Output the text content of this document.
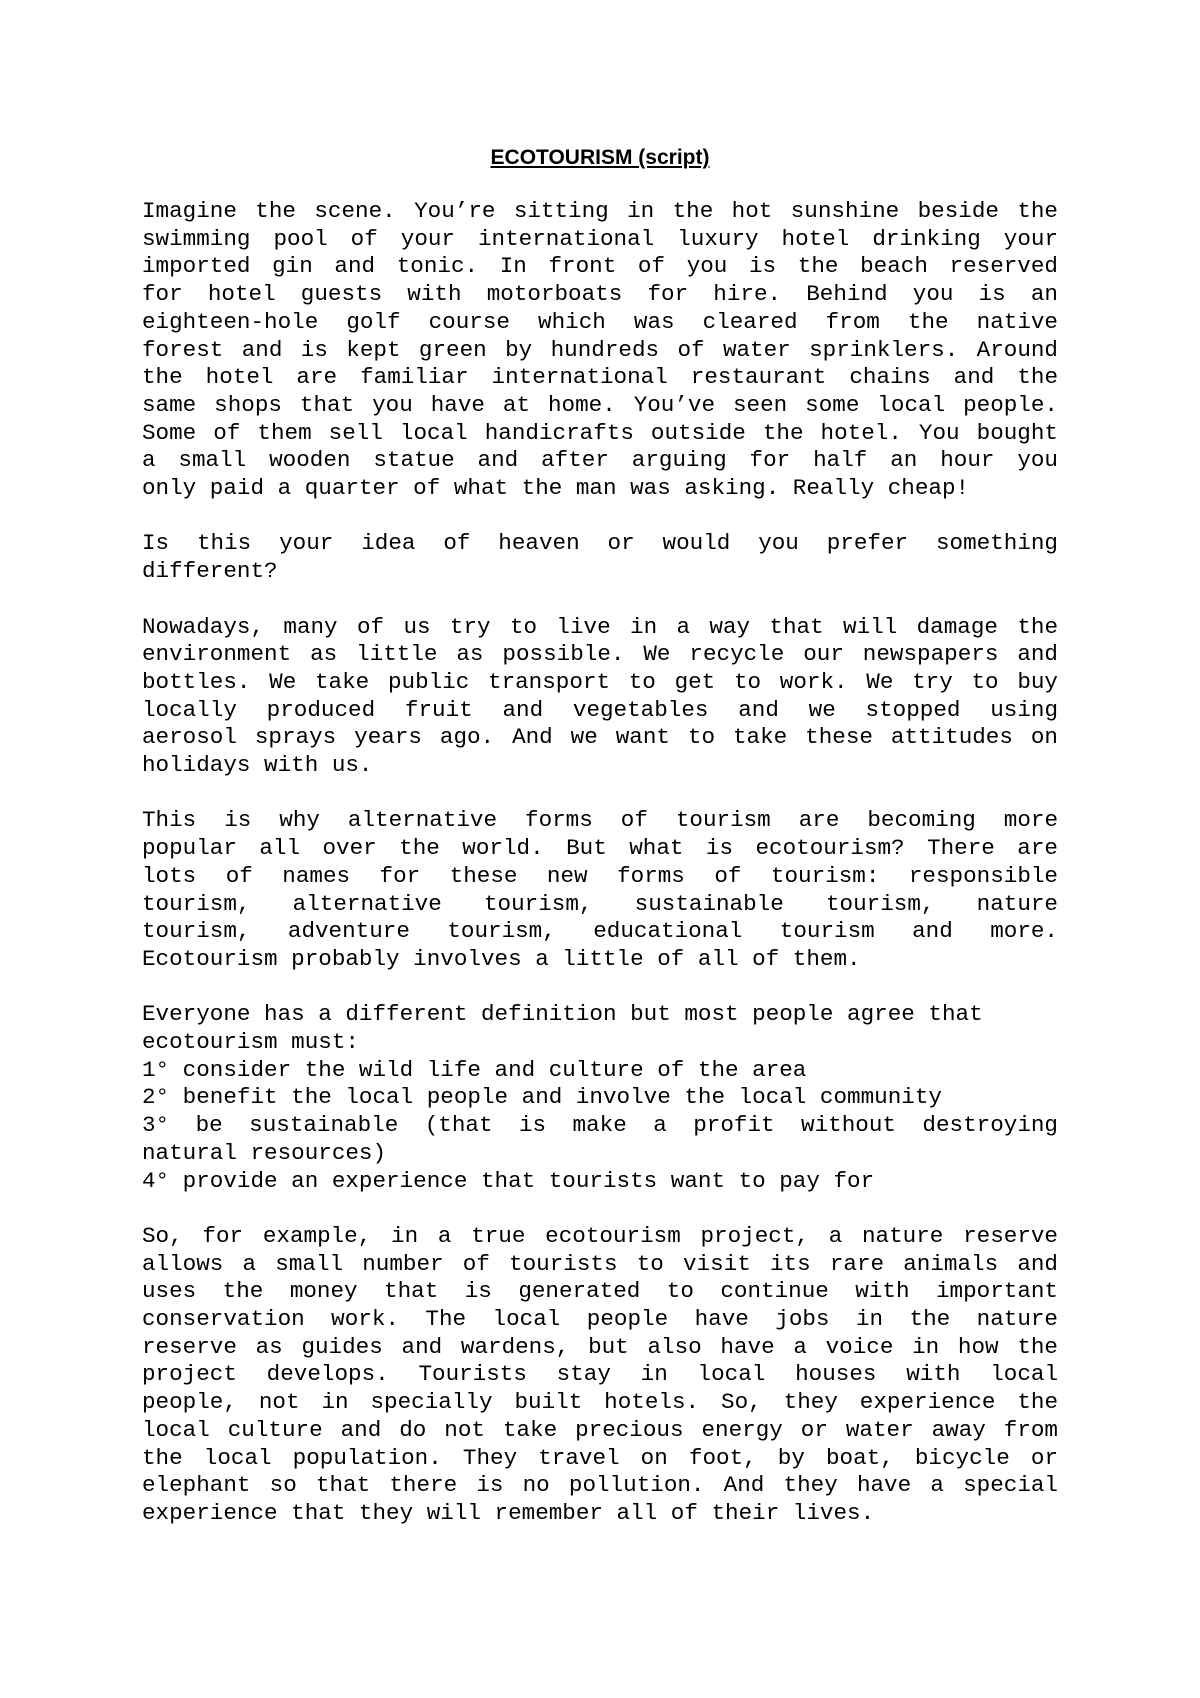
ECOTOURISM (script)

Imagine the scene. You’re sitting in the hot sunshine beside the
swimming pool of your international luxury hotel drinking your
imported gin and tonic. In front of you is the beach reserved
for hotel guests with motorboats for hire. Behind you is an
eighteen-hole golf course which was cleared from the native
forest and is kept green by hundreds of water sprinklers. Around
the hotel are familiar international restaurant chains and the
same shops that you have at home. You’ve seen some local people.
Some of them sell local handicrafts outside the hotel. You bought
a small wooden statue and after arguing for half an hour you
only paid a quarter of what the man was asking. Really cheap!

Is this your idea of heaven or would you prefer something
different?

Nowadays, many of us try to live in a way that will damage the
environment as little as possible. We recycle our newspapers and
bottles. We take public transport to get to work. We try to buy
locally produced fruit and vegetables and we stopped using
aerosol sprays years ago. And we want to take these attitudes on
holidays with us.

This is why alternative forms of tourism are becoming more
popular all over the world. But what is ecotourism? There are
lots of names for these new forms of tourism: responsible
tourism, alternative tourism, sustainable tourism, nature
tourism, adventure tourism, educational tourism and more.
Ecotourism probably involves a little of all of them.

Everyone has a different definition but most people agree that
ecotourism must:
1° consider the wild life and culture of the area
2° benefit the local people and involve the local community
3° be sustainable (that is make a profit without destroying
natural resources)
4° provide an experience that tourists want to pay for

So, for example, in a true ecotourism project, a nature reserve
allows a small number of tourists to visit its rare animals and
uses the money that is generated to continue with important
conservation work. The local people have jobs in the nature
reserve as guides and wardens, but also have a voice in how the
project develops. Tourists stay in local houses with local
people, not in specially built hotels. So, they experience the
local culture and do not take precious energy or water away from
the local population. They travel on foot, by boat, bicycle or
elephant so that there is no pollution. And they have a special
experience that they will remember all of their lives.
